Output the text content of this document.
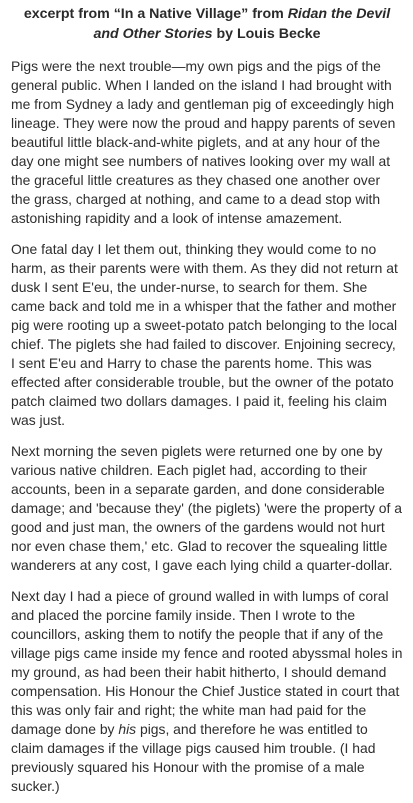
excerpt from “In a Native Village” from Ridan the Devil and Other Stories by Louis Becke

Pigs were the next trouble—my own pigs and the pigs of the general public. When I landed on the island I had brought with me from Sydney a lady and gentleman pig of exceedingly high lineage. They were now the proud and happy parents of seven beautiful little black-and-white piglets, and at any hour of the day one might see numbers of natives looking over my wall at the graceful little creatures as they chased one another over the grass, charged at nothing, and came to a dead stop with astonishing rapidity and a look of intense amazement.

One fatal day I let them out, thinking they would come to no harm, as their parents were with them. As they did not return at dusk I sent E'eu, the under-nurse, to search for them. She came back and told me in a whisper that the father and mother pig were rooting up a sweet-potato patch belonging to the local chief. The piglets she had failed to discover. Enjoining secrecy, I sent E'eu and Harry to chase the parents home. This was effected after considerable trouble, but the owner of the potato patch claimed two dollars damages. I paid it, feeling his claim was just.

Next morning the seven piglets were returned one by one by various native children. Each piglet had, according to their accounts, been in a separate garden, and done considerable damage; and 'because they' (the piglets) 'were the property of a good and just man, the owners of the gardens would not hurt nor even chase them,' etc. Glad to recover the squealing little wanderers at any cost, I gave each lying child a quarter-dollar.

Next day I had a piece of ground walled in with lumps of coral and placed the porcine family inside. Then I wrote to the councillors, asking them to notify the people that if any of the village pigs came inside my fence and rooted abyssmal holes in my ground, as had been their habit hitherto, I should demand compensation. His Honour the Chief Justice stated in court that this was only fair and right; the white man had paid for the damage done by his pigs, and therefore he was entitled to claim damages if the village pigs caused him trouble. (I had previously squared his Honour with the promise of a male sucker.)
